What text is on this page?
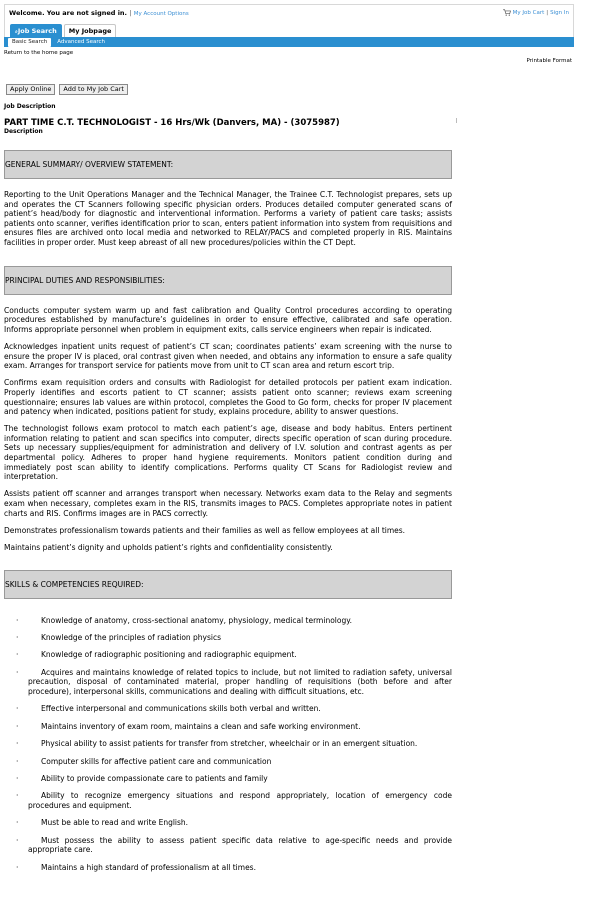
Welcome. You are not signed in. | My Account Options	My Job Cart | Sign In
⌕Job Search	My Jobpage
Basic Search	Advanced Search
Return to the home page
Printable Format
Apply Online	Add to My Job Cart
Job Description
PART TIME C.T. TECHNOLOGIST - 16 Hrs/Wk (Danvers, MA) - (3075987)
Description
GENERAL SUMMARY/ OVERVIEW STATEMENT:

Reporting to the Unit Operations Manager and the Technical Manager, the Trainee C.T. Technologist prepares, sets up and operates the CT Scanners following specific physician orders. Produces detailed computer generated scans of patient’s head/body for diagnostic and interventional information. Performs a variety of patient care tasks; assists patients onto scanner, verifies identification prior to scan, enters patient information into system from requisitions and ensures files are archived onto local media and networked to RELAY/PACS and completed properly in RIS. Maintains facilities in proper order. Must keep abreast of all new procedures/policies within the CT Dept.

PRINCIPAL DUTIES AND RESPONSIBILITIES:

Conducts computer system warm up and fast calibration and Quality Control procedures according to operating procedures established by manufacture’s guidelines in order to ensure effective, calibrated and safe operation. Informs appropriate personnel when problem in equipment exits, calls service engineers when repair is indicated.

Acknowledges inpatient units request of patient’s CT scan; coordinates patients’ exam screening with the nurse to ensure the proper IV is placed, oral contrast given when needed, and obtains any information to ensure a safe quality exam. Arranges for transport service for patients move from unit to CT scan area and return escort trip.

Confirms exam requisition orders and consults with Radiologist for detailed protocols per patient exam indication. Properly identifies and escorts patient to CT scanner; assists patient onto scanner; reviews exam screening questionnaire; ensures lab values are within protocol, completes the Good to Go form, checks for proper IV placement and patency when indicated, positions patient for study, explains procedure, ability to answer questions.

The technologist follows exam protocol to match each patient’s age, disease and body habitus. Enters pertinent information relating to patient and scan specifics into computer, directs specific operation of scan during procedure. Sets up necessary supplies/equipment for administration and delivery of I.V. solution and contrast agents as per departmental policy. Adheres to proper hand hygiene requirements. Monitors patient condition during and immediately post scan ability to identify complications. Performs quality CT Scans for Radiologist review and interpretation.

Assists patient off scanner and arranges transport when necessary. Networks exam data to the Relay and segments exam when necessary, completes exam in the RIS, transmits images to PACS. Completes appropriate notes in patient charts and RIS. Confirms images are in PACS correctly.

Demonstrates professionalism towards patients and their families as well as fellow employees at all times.

Maintains patient’s dignity and upholds patient’s rights and confidentiality consistently.

SKILLS & COMPETENCIES REQUIRED:
·	Knowledge of anatomy, cross-sectional anatomy, physiology, medical terminology.
·	Knowledge of the principles of radiation physics
·	Knowledge of radiographic positioning and radiographic equipment.
·	Acquires and maintains knowledge of related topics to include, but not limited to radiation safety, universal precaution, disposal of contaminated material, proper handling of requisitions (both before and after procedure), interpersonal skills, communications and dealing with difficult situations, etc.
·	Effective interpersonal and communications skills both verbal and written.
·	Maintains inventory of exam room, maintains a clean and safe working environment.
·	Physical ability to assist patients for transfer from stretcher, wheelchair or in an emergent situation.
·	Computer skills for affective patient care and communication
·	Ability to provide compassionate care to patients and family
·	Ability to recognize emergency situations and respond appropriately, location of emergency code procedures and equipment.
·	Must be able to read and write English.
·	Must possess the ability to assess patient specific data relative to age-specific needs and provide appropriate care.
·	Maintains a high standard of professionalism at all times.
